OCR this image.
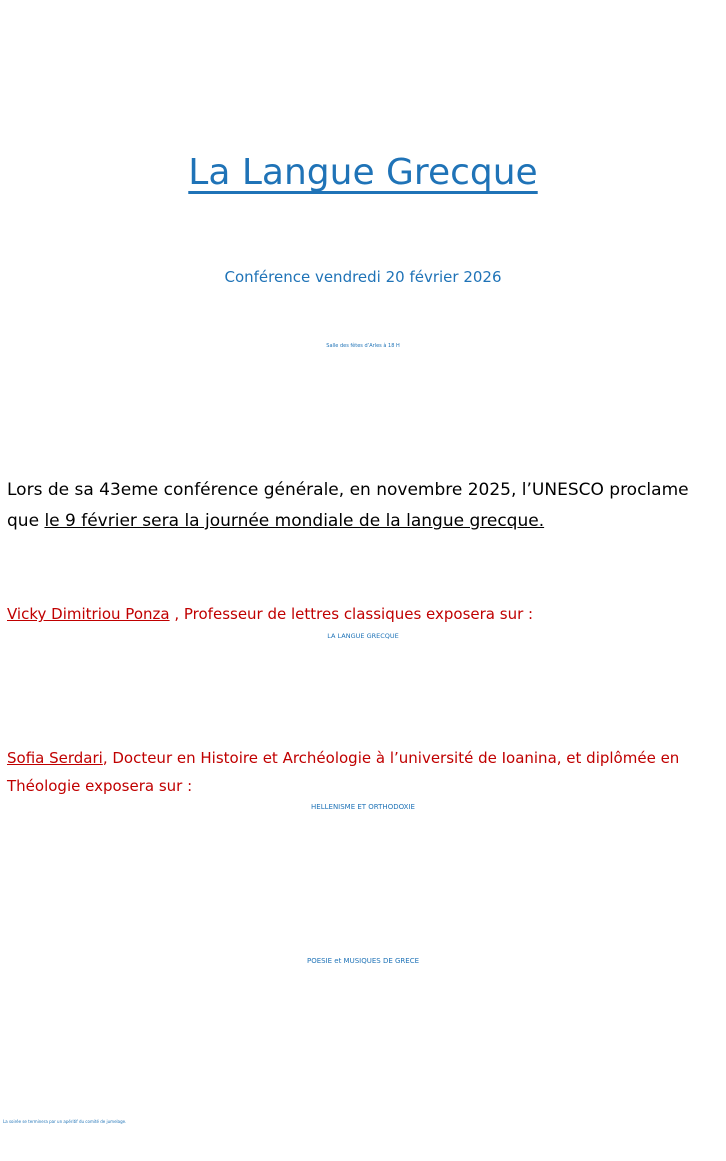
La Langue Grecque
Conférence vendredi 20 février 2026

Salle des fêtes d’Arles à 18 H

Lors de sa 43eme conférence générale, en novembre 2025, l’UNESCO proclame

que le 9 février sera la journée mondiale de la langue grecque.

Vicky Dimitriou Ponza , Professeur de lettres classiques exposera sur :

LA LANGUE GRECQUE

Sofia Serdari, Docteur en Histoire et Archéologie à l’université de Ioanina, et diplômée en

Théologie exposera sur :

HELLENISME ET ORTHODOXIE

POESIE et MUSIQUES DE GRECE

La soirée se terminera par un apéritif du comité de jumelage.
